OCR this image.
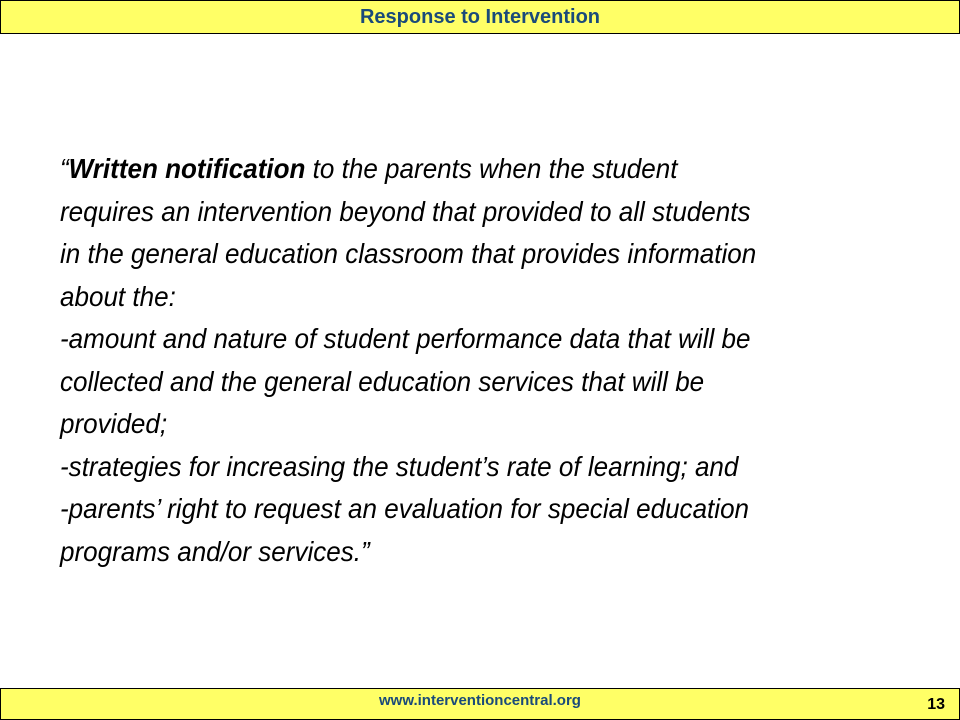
Response to Intervention
“Written notification to the parents when the student
requires an intervention beyond that provided to all students
in the general education classroom that provides information
about the:
-amount and nature of student performance data that will be
collected and the general education services that will be
provided;
-strategies for increasing the student’s rate of learning; and
-parents’ right to request an evaluation for special education
programs and/or services.”
www.interventioncentral.org	13
